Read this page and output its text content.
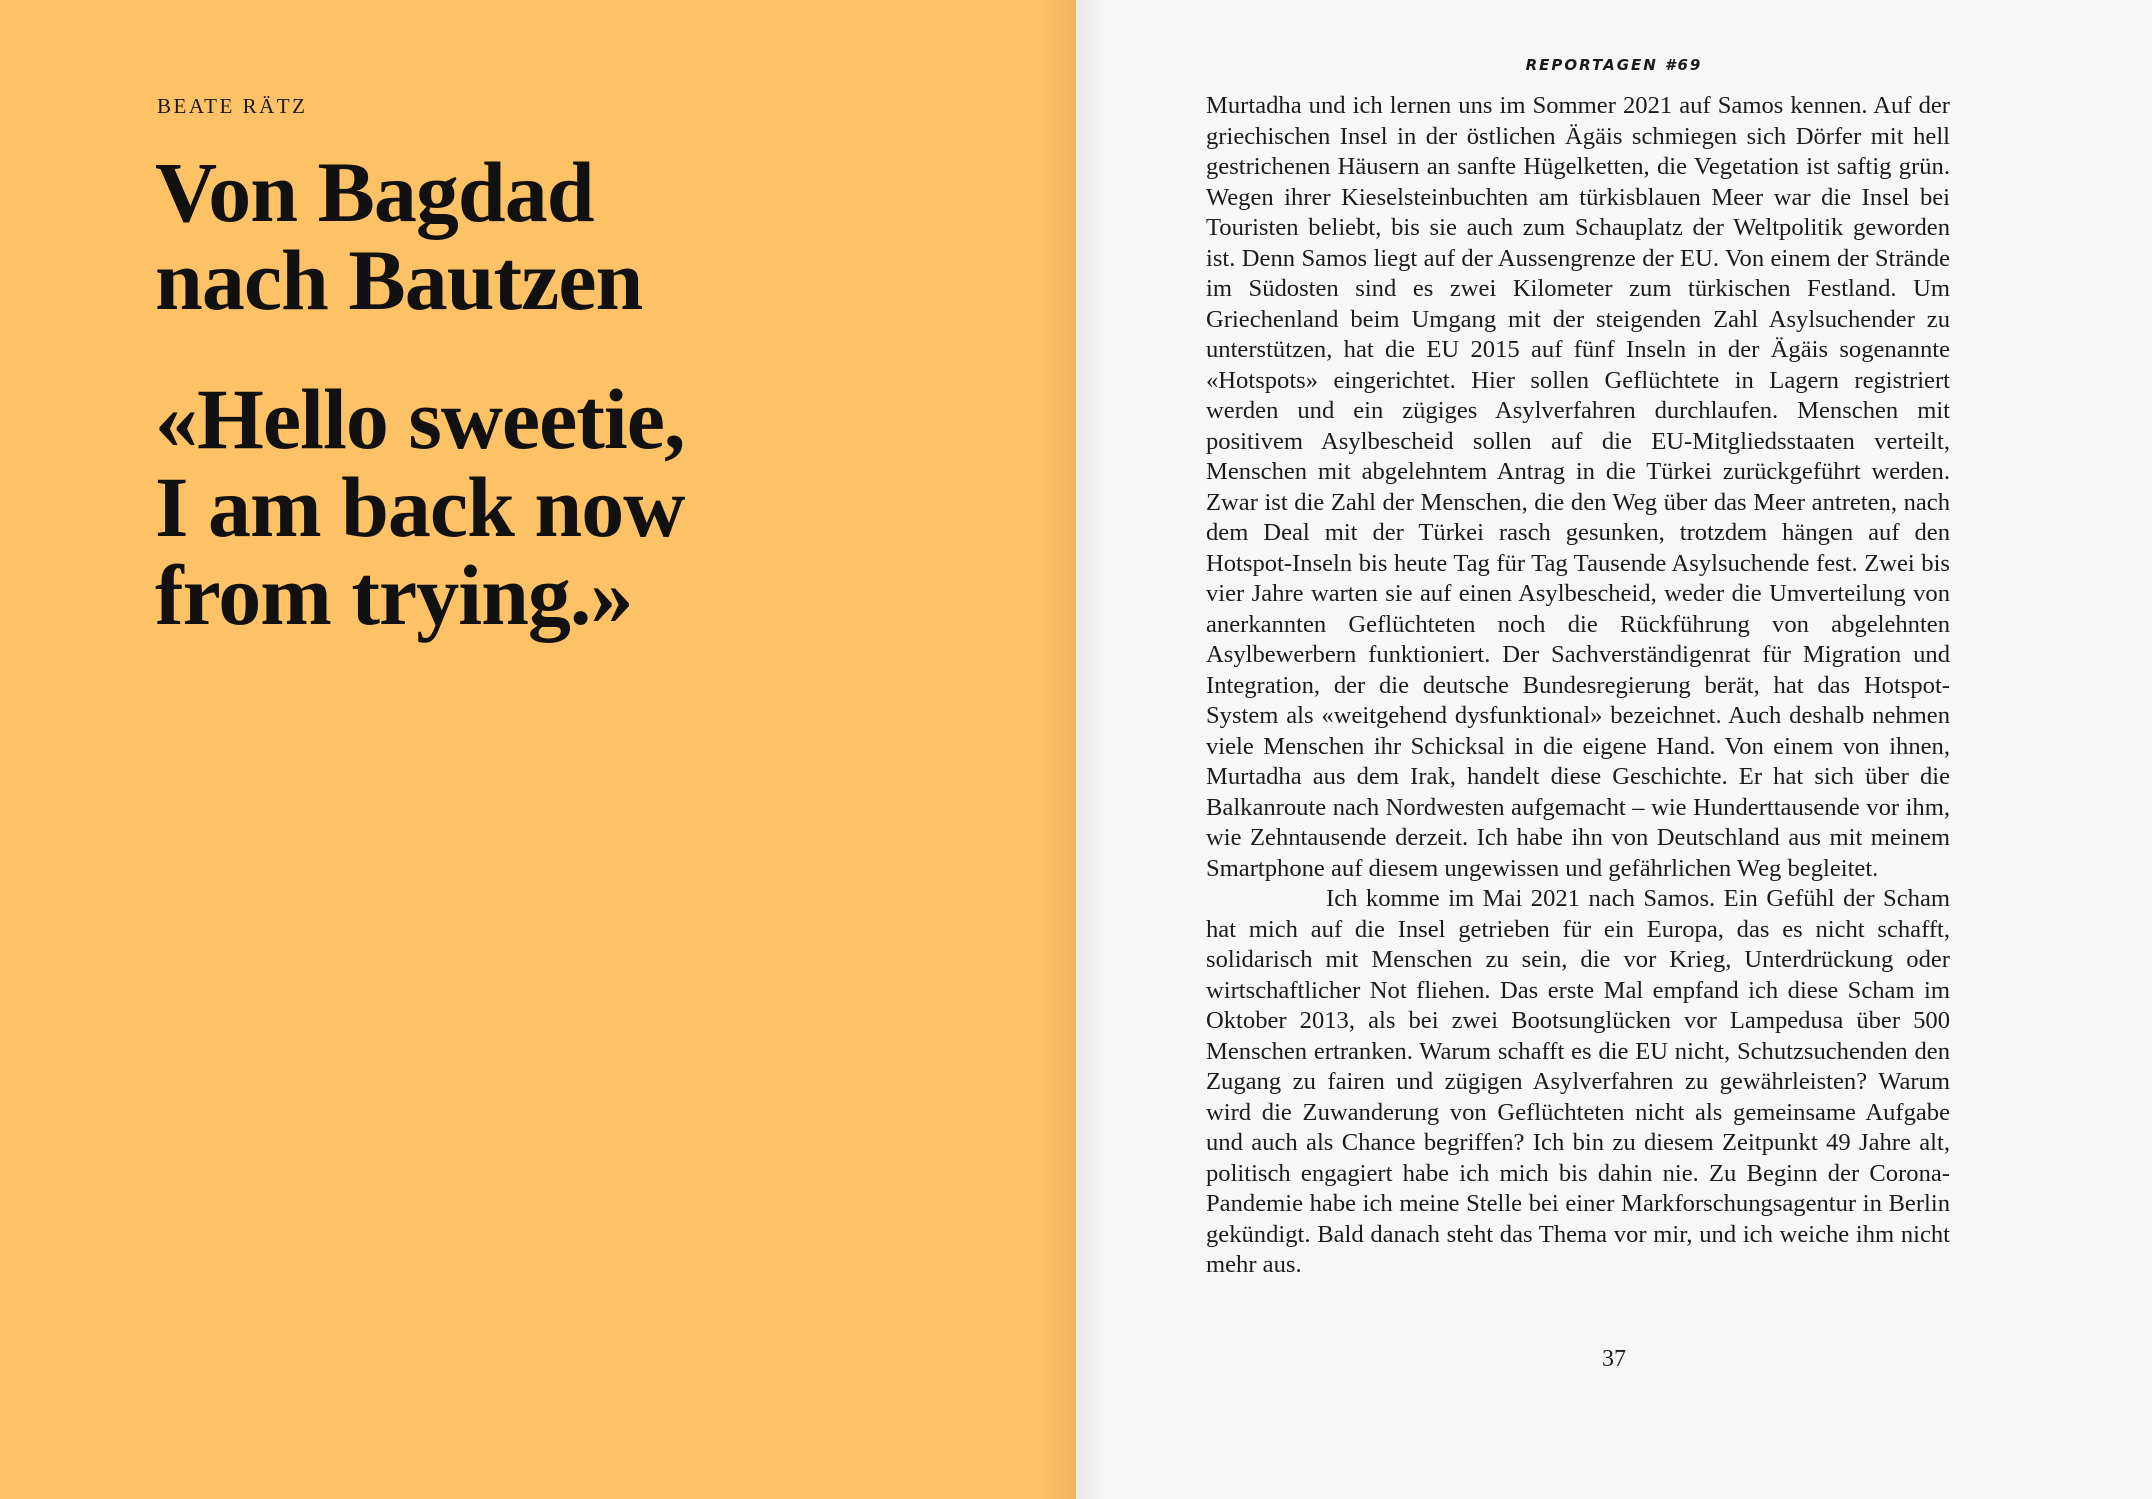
BEATE RÄTZ
Von Bagdad
nach Bautzen
«Hello sweetie,
I am back now
from trying.»
REPORTAGEN #69

Murtadha und ich lernen uns im Sommer 2021 auf Samos kennen. Auf der griechischen Insel in der östlichen Ägäis schmiegen sich Dörfer mit hell gestrichenen Häusern an sanfte Hügelketten, die Vegetation ist saftig grün. Wegen ihrer Kieselsteinbuchten am türkisblauen Meer war die Insel bei Touristen beliebt, bis sie auch zum Schauplatz der Weltpolitik geworden ist. Denn Samos liegt auf der Aussengrenze der EU. Von einem der Strände im Südosten sind es zwei Kilometer zum türkischen Festland. Um Griechenland beim Umgang mit der steigenden Zahl Asylsuchender zu unterstützen, hat die EU 2015 auf fünf Inseln in der Ägäis sogenannte «Hotspots» eingerichtet. Hier sollen Geflüchtete in Lagern registriert werden und ein zügiges Asylverfahren durchlaufen. Menschen mit positivem Asylbescheid sollen auf die EU-Mitgliedsstaaten verteilt, Menschen mit abgelehntem Antrag in die Türkei zurückgeführt werden. Zwar ist die Zahl der Menschen, die den Weg über das Meer antreten, nach dem Deal mit der Türkei rasch gesunken, trotzdem hängen auf den Hotspot-Inseln bis heute Tag für Tag Tausende Asylsuchende fest. Zwei bis vier Jahre warten sie auf einen Asylbescheid, weder die Umverteilung von anerkannten Geflüchteten noch die Rückführung von abgelehnten Asylbewerbern funktioniert. Der Sachverständigenrat für Migration und Integration, der die deutsche Bundesregierung berät, hat das Hotspot-System als «weitgehend dysfunktional» bezeichnet. Auch deshalb nehmen viele Menschen ihr Schicksal in die eigene Hand. Von einem von ihnen, Murtadha aus dem Irak, handelt diese Geschichte. Er hat sich über die Balkanroute nach Nordwesten aufgemacht – wie Hunderttausende vor ihm, wie Zehntausende derzeit. Ich habe ihn von Deutschland aus mit meinem Smartphone auf diesem ungewissen und gefährlichen Weg begleitet.

Ich komme im Mai 2021 nach Samos. Ein Gefühl der Scham hat mich auf die Insel getrieben für ein Europa, das es nicht schafft, solidarisch mit Menschen zu sein, die vor Krieg, Unterdrückung oder wirtschaftlicher Not fliehen. Das erste Mal empfand ich diese Scham im Oktober 2013, als bei zwei Bootsunglücken vor Lampedusa über 500 Menschen ertranken. Warum schafft es die EU nicht, Schutzsuchenden den Zugang zu fairen und zügigen Asylverfahren zu gewährleisten? Warum wird die Zuwanderung von Geflüchteten nicht als gemeinsame Aufgabe und auch als Chance begriffen? Ich bin zu diesem Zeitpunkt 49 Jahre alt, politisch engagiert habe ich mich bis dahin nie. Zu Beginn der Corona-Pandemie habe ich meine Stelle bei einer Markforschungsagentur in Berlin gekündigt. Bald danach steht das Thema vor mir, und ich weiche ihm nicht mehr aus.

37
